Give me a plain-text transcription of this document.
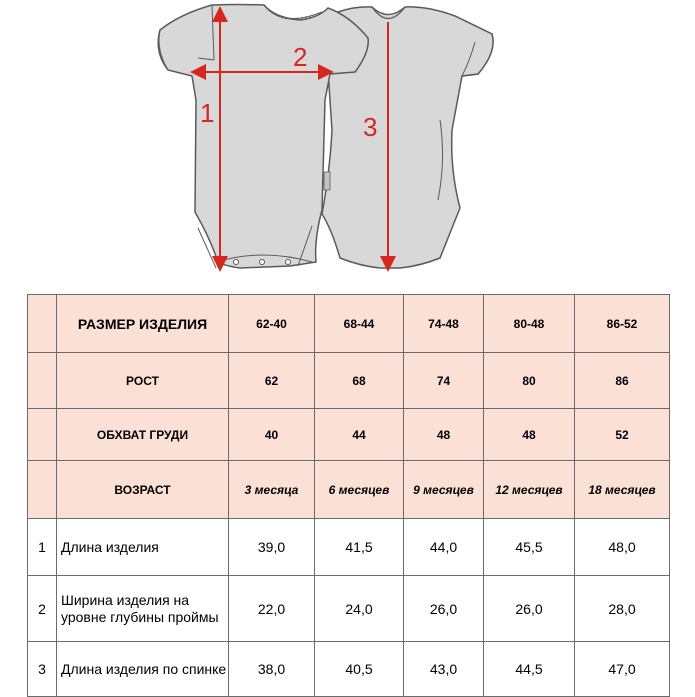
1
2
3
	РАЗМЕР ИЗДЕЛИЯ	62-40	68-44	74-48	80-48	86-52
	РОСТ	62	68	74	80	86
	ОБХВАТ ГРУДИ	40	44	48	48	52
	ВОЗРАСТ	3 месяца	6 месяцев	9 месяцев	12 месяцев	18 месяцев
1	Длина изделия	39,0	41,5	44,0	45,5	48,0
2	Ширина изделия на уровне глубины проймы	22,0	24,0	26,0	26,0	28,0
3	Длина изделия по спинке	38,0	40,5	43,0	44,5	47,0
